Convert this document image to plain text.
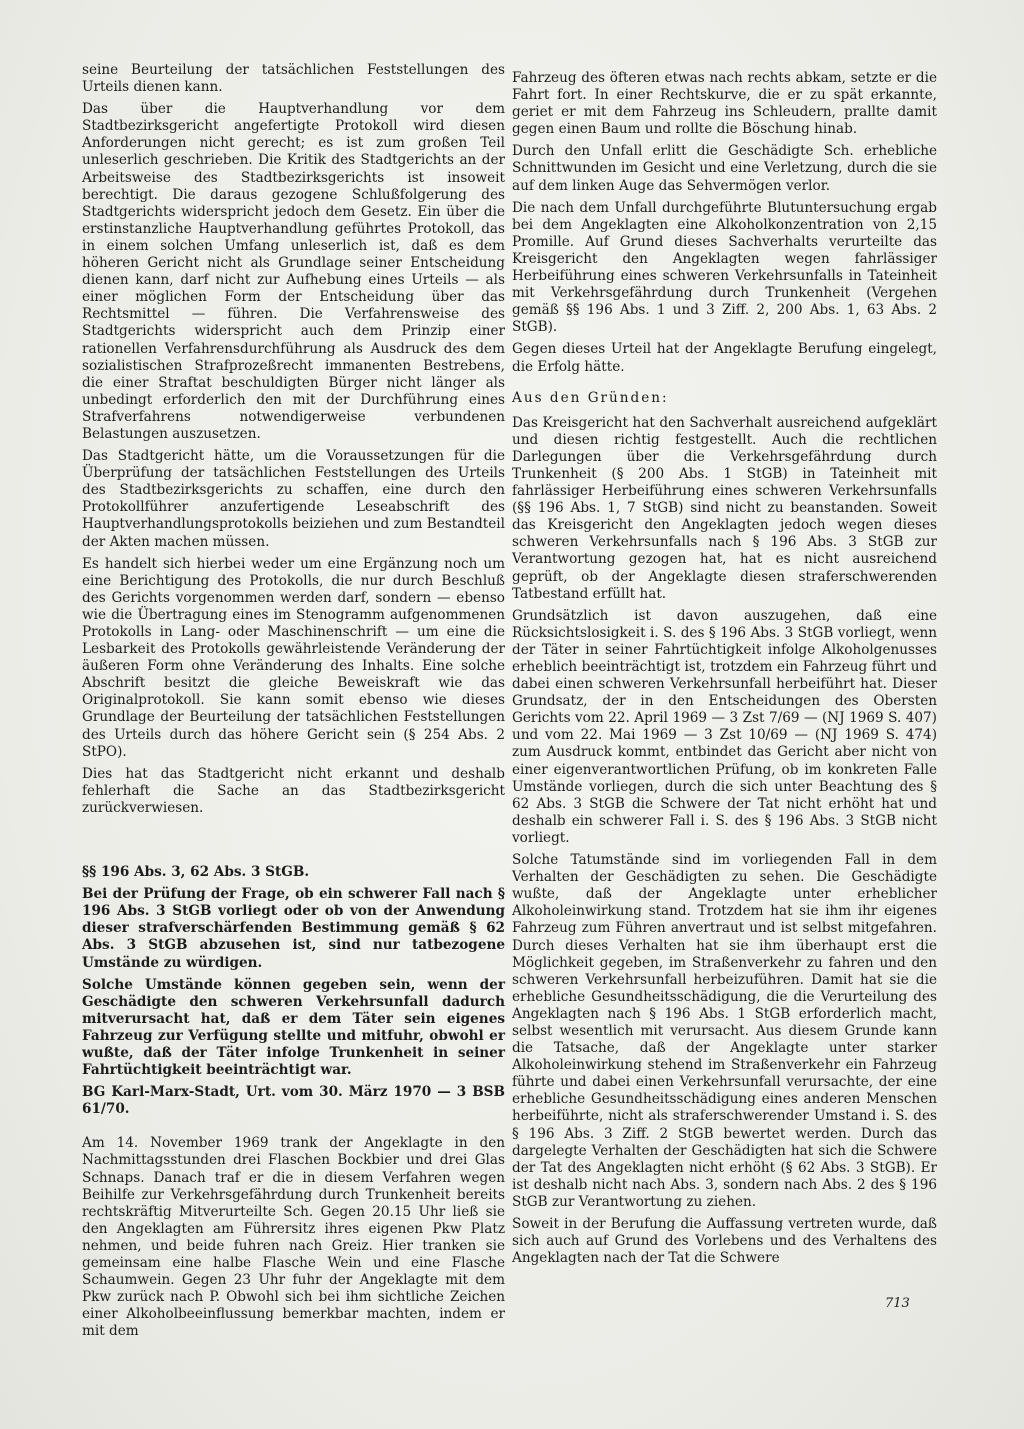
seine Beurteilung der tatsächlichen Feststellungen des Urteils dienen kann.

Das über die Hauptverhandlung vor dem Stadtbezirksgericht angefertigte Protokoll wird diesen Anforderungen nicht gerecht; es ist zum großen Teil unleserlich geschrieben. Die Kritik des Stadtgerichts an der Arbeitsweise des Stadtbezirksgerichts ist insoweit berechtigt. Die daraus gezogene Schlußfolgerung des Stadtgerichts widerspricht jedoch dem Gesetz. Ein über die erstinstanzliche Hauptverhandlung geführtes Protokoll, das in einem solchen Umfang unleserlich ist, daß es dem höheren Gericht nicht als Grundlage seiner Entscheidung dienen kann, darf nicht zur Aufhebung eines Urteils — als einer möglichen Form der Entscheidung über das Rechtsmittel — führen. Die Verfahrensweise des Stadtgerichts widerspricht auch dem Prinzip einer rationellen Verfahrensdurchführung als Ausdruck des dem sozialistischen Strafprozeßrecht immanenten Bestrebens, die einer Straftat beschuldigten Bürger nicht länger als unbedingt erforderlich den mit der Durchführung eines Strafverfahrens notwendigerweise verbundenen Belastungen auszusetzen.

Das Stadtgericht hätte, um die Voraussetzungen für die Überprüfung der tatsächlichen Feststellungen des Urteils des Stadtbezirksgerichts zu schaffen, eine durch den Protokollführer anzufertigende Leseabschrift des Hauptverhandlungsprotokolls beiziehen und zum Bestandteil der Akten machen müssen.

Es handelt sich hierbei weder um eine Ergänzung noch um eine Berichtigung des Protokolls, die nur durch Beschluß des Gerichts vorgenommen werden darf, sondern — ebenso wie die Übertragung eines im Stenogramm aufgenommenen Protokolls in Lang- oder Maschinenschrift — um eine die Lesbarkeit des Protokolls gewährleistende Veränderung der äußeren Form ohne Veränderung des Inhalts. Eine solche Abschrift besitzt die gleiche Beweiskraft wie das Originalprotokoll. Sie kann somit ebenso wie dieses Grundlage der Beurteilung der tatsächlichen Feststellungen des Urteils durch das höhere Gericht sein (§ 254 Abs. 2 StPO).

Dies hat das Stadtgericht nicht erkannt und deshalb fehlerhaft die Sache an das Stadtbezirksgericht zurückverwiesen.

§§ 196 Abs. 3, 62 Abs. 3 StGB.

Bei der Prüfung der Frage, ob ein schwerer Fall nach § 196 Abs. 3 StGB vorliegt oder ob von der Anwendung dieser strafverschärfenden Bestimmung gemäß § 62 Abs. 3 StGB abzusehen ist, sind nur tatbezogene Umstände zu würdigen.

Solche Umstände können gegeben sein, wenn der Geschädigte den schweren Verkehrsunfall dadurch mitverursacht hat, daß er dem Täter sein eigenes Fahrzeug zur Verfügung stellte und mitfuhr, obwohl er wußte, daß der Täter infolge Trunkenheit in seiner Fahrtüchtigkeit beeinträchtigt war.

BG Karl-Marx-Stadt, Urt. vom 30. März 1970 — 3 BSB 61/70.

Am 14. November 1969 trank der Angeklagte in den Nachmittagsstunden drei Flaschen Bockbier und drei Glas Schnaps. Danach traf er die in diesem Verfahren wegen Beihilfe zur Verkehrsgefährdung durch Trunkenheit bereits rechtskräftig Mitverurteilte Sch. Gegen 20.15 Uhr ließ sie den Angeklagten am Führersitz ihres eigenen Pkw Platz nehmen, und beide fuhren nach Greiz. Hier tranken sie gemeinsam eine halbe Flasche Wein und eine Flasche Schaumwein. Gegen 23 Uhr fuhr der Angeklagte mit dem Pkw zurück nach P. Obwohl sich bei ihm sichtliche Zeichen einer Alkoholbeeinflussung bemerkbar machten, indem er mit dem

Fahrzeug des öfteren etwas nach rechts abkam, setzte er die Fahrt fort. In einer Rechtskurve, die er zu spät erkannte, geriet er mit dem Fahrzeug ins Schleudern, prallte damit gegen einen Baum und rollte die Böschung hinab.

Durch den Unfall erlitt die Geschädigte Sch. erhebliche Schnittwunden im Gesicht und eine Verletzung, durch die sie auf dem linken Auge das Sehvermögen verlor.

Die nach dem Unfall durchgeführte Blutuntersuchung ergab bei dem Angeklagten eine Alkoholkonzentration von 2,15 Promille. Auf Grund dieses Sachverhalts verurteilte das Kreisgericht den Angeklagten wegen fahrlässiger Herbeiführung eines schweren Verkehrsunfalls in Tateinheit mit Verkehrsgefährdung durch Trunkenheit (Vergehen gemäß §§ 196 Abs. 1 und 3 Ziff. 2, 200 Abs. 1, 63 Abs. 2 StGB).

Gegen dieses Urteil hat der Angeklagte Berufung eingelegt, die Erfolg hätte.

Aus den Gründen:

Das Kreisgericht hat den Sachverhalt ausreichend aufgeklärt und diesen richtig festgestellt. Auch die rechtlichen Darlegungen über die Verkehrsgefährdung durch Trunkenheit (§ 200 Abs. 1 StGB) in Tateinheit mit fahrlässiger Herbeiführung eines schweren Verkehrsunfalls (§§ 196 Abs. 1, 7 StGB) sind nicht zu beanstanden. Soweit das Kreisgericht den Angeklagten jedoch wegen dieses schweren Verkehrsunfalls nach § 196 Abs. 3 StGB zur Verantwortung gezogen hat, hat es nicht ausreichend geprüft, ob der Angeklagte diesen straferschwerenden Tatbestand erfüllt hat.

Grundsätzlich ist davon auszugehen, daß eine Rücksichtslosigkeit i. S. des § 196 Abs. 3 StGB vorliegt, wenn der Täter in seiner Fahrtüchtigkeit infolge Alkoholgenusses erheblich beeinträchtigt ist, trotzdem ein Fahrzeug führt und dabei einen schweren Verkehrsunfall herbeiführt hat. Dieser Grundsatz, der in den Entscheidungen des Obersten Gerichts vom 22. April 1969 — 3 Zst 7/69 — (NJ 1969 S. 407) und vom 22. Mai 1969 — 3 Zst 10/69 — (NJ 1969 S. 474) zum Ausdruck kommt, entbindet das Gericht aber nicht von einer eigenverantwortlichen Prüfung, ob im konkreten Falle Umstände vorliegen, durch die sich unter Beachtung des § 62 Abs. 3 StGB die Schwere der Tat nicht erhöht hat und deshalb ein schwerer Fall i. S. des § 196 Abs. 3 StGB nicht vorliegt.

Solche Tatumstände sind im vorliegenden Fall in dem Verhalten der Geschädigten zu sehen. Die Geschädigte wußte, daß der Angeklagte unter erheblicher Alkoholeinwirkung stand. Trotzdem hat sie ihm ihr eigenes Fahrzeug zum Führen anvertraut und ist selbst mitgefahren. Durch dieses Verhalten hat sie ihm überhaupt erst die Möglichkeit gegeben, im Straßenverkehr zu fahren und den schweren Verkehrsunfall herbeizuführen. Damit hat sie die erhebliche Gesundheitsschädigung, die die Verurteilung des Angeklagten nach § 196 Abs. 1 StGB erforderlich macht, selbst wesentlich mit verursacht. Aus diesem Grunde kann die Tatsache, daß der Angeklagte unter starker Alkoholeinwirkung stehend im Straßenverkehr ein Fahrzeug führte und dabei einen Verkehrsunfall verursachte, der eine erhebliche Gesundheitsschädigung eines anderen Menschen herbeiführte, nicht als straferschwerender Umstand i. S. des § 196 Abs. 3 Ziff. 2 StGB bewertet werden. Durch das dargelegte Verhalten der Geschädigten hat sich die Schwere der Tat des Angeklagten nicht erhöht (§ 62 Abs. 3 StGB). Er ist deshalb nicht nach Abs. 3, sondern nach Abs. 2 des § 196 StGB zur Verantwortung zu ziehen.

Soweit in der Berufung die Auffassung vertreten wurde, daß sich auch auf Grund des Vorlebens und des Verhaltens des Angeklagten nach der Tat die Schwere

713
